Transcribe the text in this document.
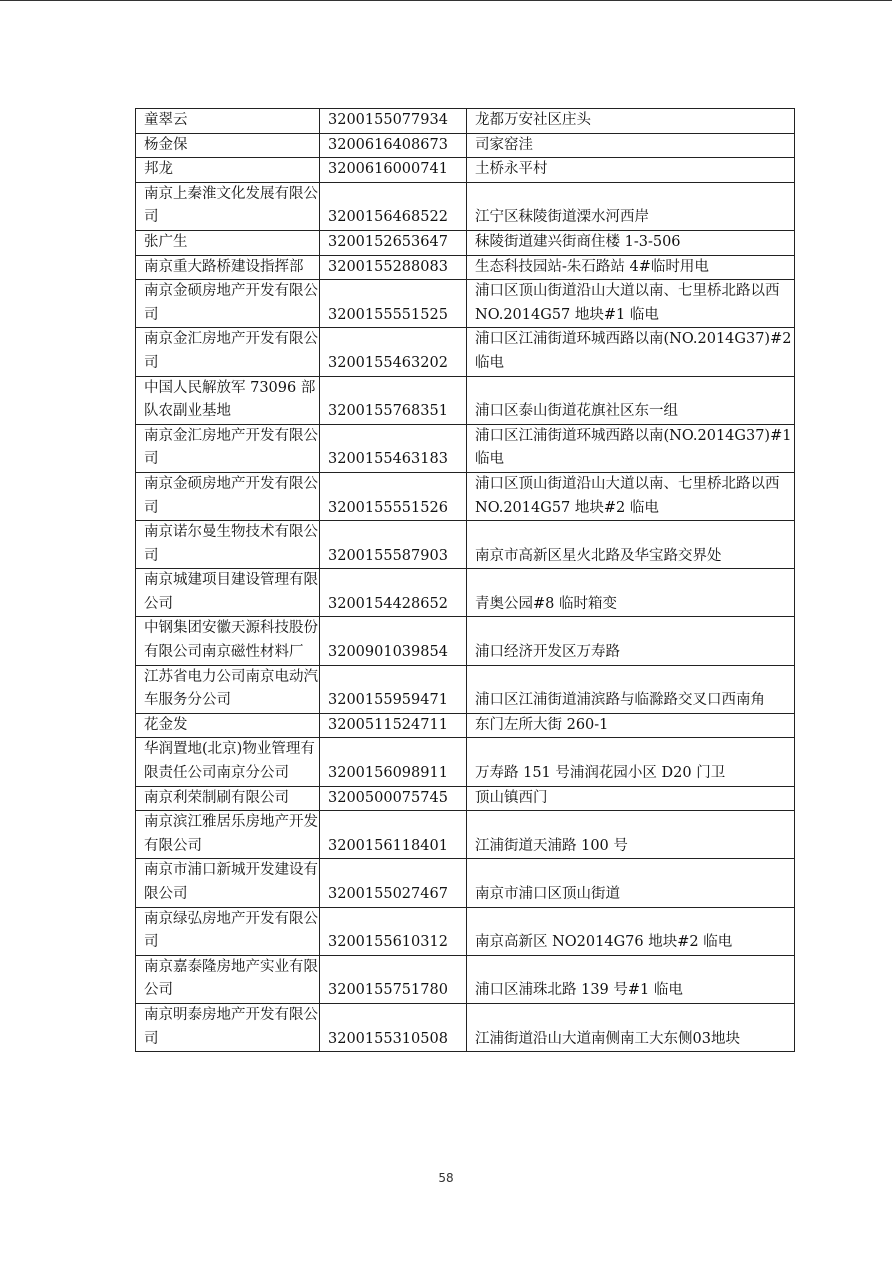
童翠云	3200155077934	龙都万安社区庄头
杨金保	3200616408673	司家窑洼
邦龙	3200616000741	土桥永平村
南京上秦淮文化发展有限公司	3200156468522	江宁区秣陵街道溧水河西岸
张广生	3200152653647	秣陵街道建兴街商住楼 1-3-506
南京重大路桥建设指挥部	3200155288083	生态科技园站-朱石路站 4#临时用电
南京金硕房地产开发有限公司	3200155551525	浦口区顶山街道沿山大道以南、七里桥北路以西 NO.2014G57 地块#1 临电
南京金汇房地产开发有限公司	3200155463202	浦口区江浦街道环城西路以南(NO.2014G37)#2 临电
中国人民解放军 73096 部队农副业基地	3200155768351	浦口区泰山街道花旗社区东一组
南京金汇房地产开发有限公司	3200155463183	浦口区江浦街道环城西路以南(NO.2014G37)#1 临电
南京金硕房地产开发有限公司	3200155551526	浦口区顶山街道沿山大道以南、七里桥北路以西 NO.2014G57 地块#2 临电
南京诺尔曼生物技术有限公司	3200155587903	南京市高新区星火北路及华宝路交界处
南京城建项目建设管理有限公司	3200154428652	青奥公园#8 临时箱变
中钢集团安徽天源科技股份有限公司南京磁性材料厂	3200901039854	浦口经济开发区万寿路
江苏省电力公司南京电动汽车服务分公司	3200155959471	浦口区江浦街道浦滨路与临滁路交叉口西南角
花金发	3200511524711	东门左所大街 260-1
华润置地(北京)物业管理有限责任公司南京分公司	3200156098911	万寿路 151 号浦润花园小区 D20 门卫
南京利荣制刷有限公司	3200500075745	顶山镇西门
南京滨江雅居乐房地产开发有限公司	3200156118401	江浦街道天浦路 100 号
南京市浦口新城开发建设有限公司	3200155027467	南京市浦口区顶山街道
南京绿弘房地产开发有限公司	3200155610312	南京高新区 NO2014G76 地块#2 临电
南京嘉泰隆房地产实业有限公司	3200155751780	浦口区浦珠北路 139 号#1 临电
南京明泰房地产开发有限公司	3200155310508	江浦街道沿山大道南侧南工大东侧03地块
58
